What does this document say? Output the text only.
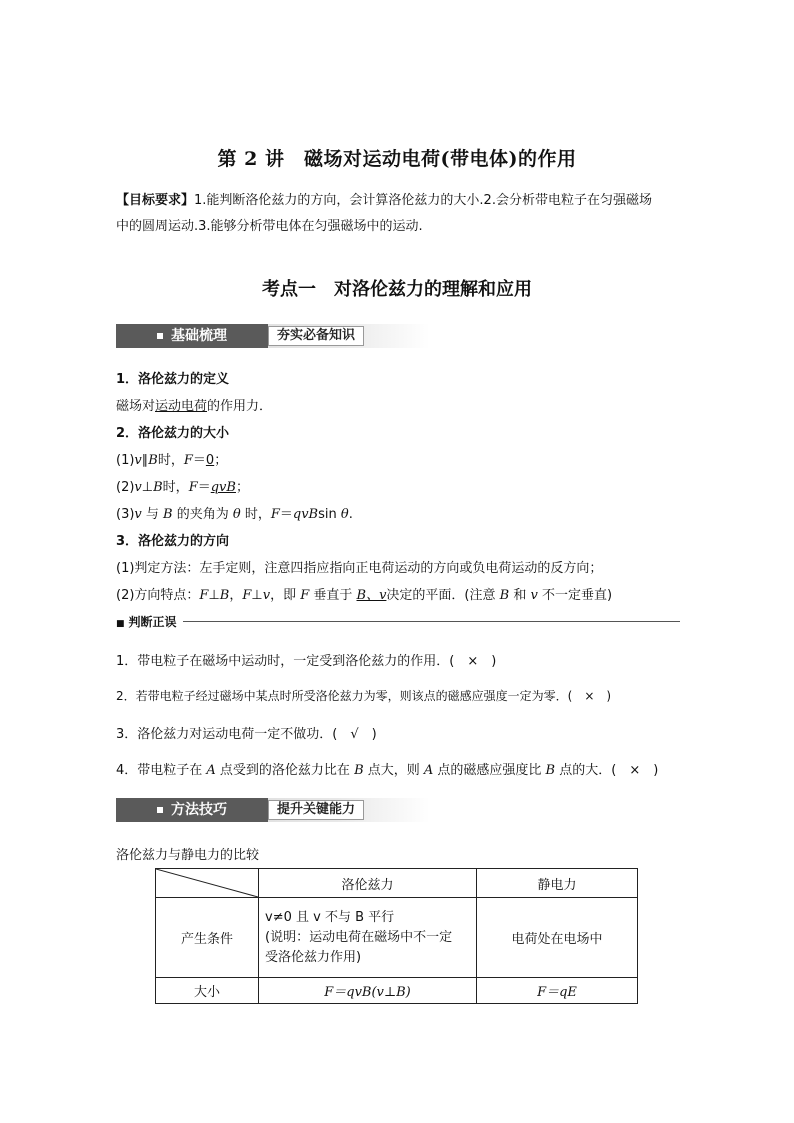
第 2 讲　磁场对运动电荷(带电体)的作用
【目标要求】1.能判断洛伦兹力的方向，会计算洛伦兹力的大小.2.会分析带电粒子在匀强磁场
中的圆周运动.3.能够分析带电体在匀强磁场中的运动.
考点一　对洛伦兹力的理解和应用
基础梳理	夯实必备知识
1．洛伦兹力的定义
磁场对运动电荷的作用力．
2．洛伦兹力的大小
(1)v∥B时，F＝0；
(2)v⊥B时，F＝qvB；
(3)v 与 B 的夹角为 θ 时，F＝qvBsin θ.
3．洛伦兹力的方向
(1)判定方法：左手定则，注意四指应指向正电荷运动的方向或负电荷运动的反方向；
(2)方向特点：F⊥B，F⊥v，即 F 垂直于 B、v决定的平面．(注意 B 和 v 不一定垂直)
■ 判断正误
1．带电粒子在磁场中运动时，一定受到洛伦兹力的作用．(　×　)
2．若带电粒子经过磁场中某点时所受洛伦兹力为零，则该点的磁感应强度一定为零．(　×　)
3．洛伦兹力对运动电荷一定不做功．(　√　)
4．带电粒子在 A 点受到的洛伦兹力比在 B 点大，则 A 点的磁感应强度比 B 点的大．(　×　)
方法技巧	提升关键能力
洛伦兹力与静电力的比较
	洛伦兹力	静电力
产生条件	v≠0 且 v 不与 B 平行
(说明：运动电荷在磁场中不一定
受洛伦兹力作用)	电荷处在电场中
大小	F＝qvB(v⊥B)	F＝qE
